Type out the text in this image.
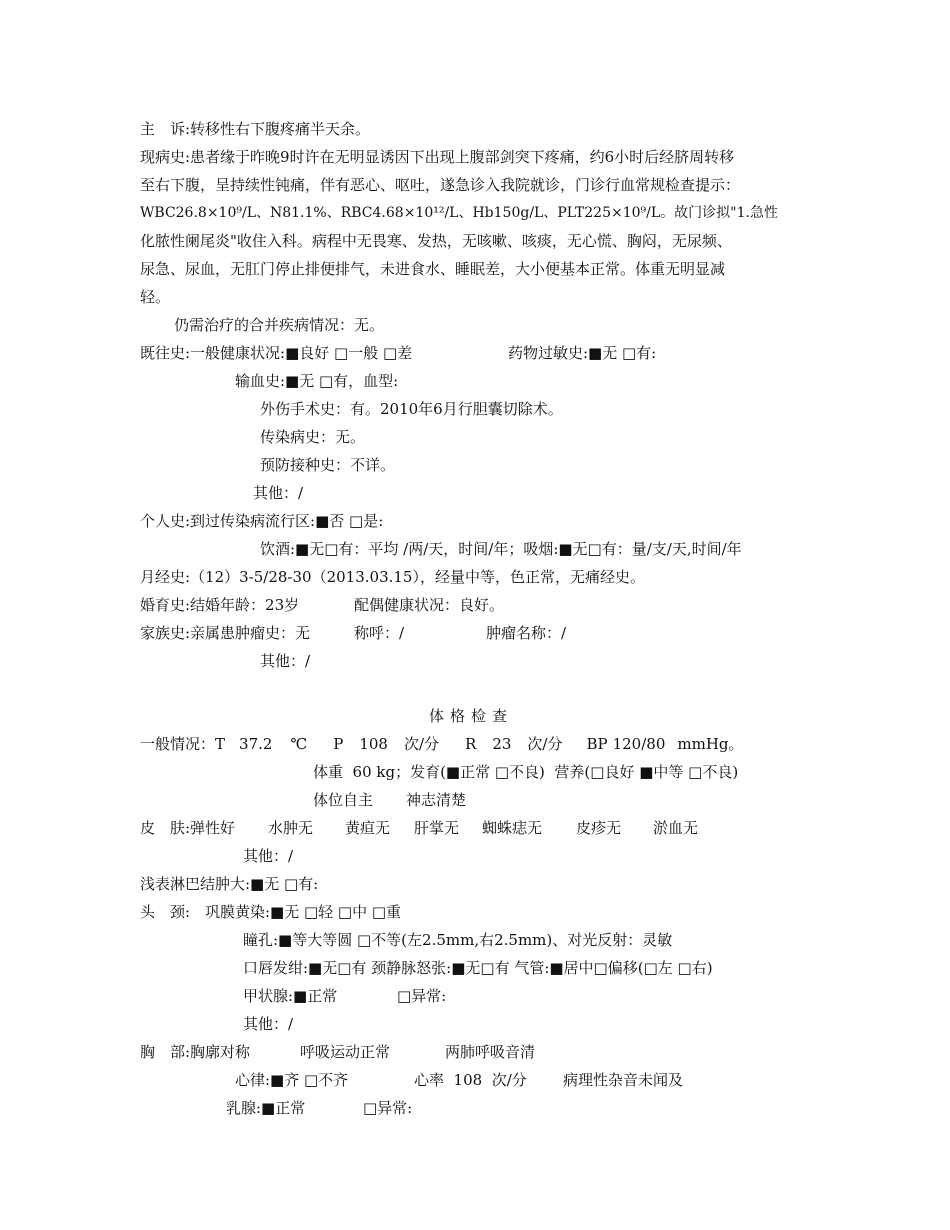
主　诉:转移性右下腹疼痛半天余。
现病史:患者缘于昨晚9时许在无明显诱因下出现上腹部剑突下疼痛，约6小时后经脐周转移
至右下腹，呈持续性钝痛，伴有恶心、呕吐，遂急诊入我院就诊，门诊行血常规检查提示：
WBC26.8×10⁹/L、N81.1%、RBC4.68×10¹²/L、Hb150g/L、PLT225×10⁹/L。故门诊拟"1.急性
化脓性阑尾炎"收住入科。病程中无畏寒、发热，无咳嗽、咳痰，无心慌、胸闷，无尿频、
尿急、尿血，无肛门停止排便排气，未进食水、睡眠差，大小便基本正常。体重无明显减
轻。
仍需治疗的合并疾病情况：无。
既往史:一般健康状况:■良好 □一般 □差	药物过敏史:■无 □有:
输血史:■无 □有，血型:
外伤手术史：有。2010年6月行胆囊切除术。
传染病史：无。
预防接种史：不详。
其他：/
个人史:到过传染病流行区:■否 □是:
饮酒:■无□有：平均 /两/天，时间/年；吸烟:■无□有：量/支/天,时间/年
月经史:（12）3-5/28-30（2013.03.15），经量中等，色正常，无痛经史。
婚育史:结婚年龄：23岁	配偶健康状况：良好。
家族史:亲属患肿瘤史：无	称呼：/	肿瘤名称：/
其他：/
体格检查
一般情况：T 37.2 ℃ P 108 次/分 R 23 次/分 BP 120/80 mmHg。
体重  60 kg；发育(■正常 □不良)  营养(□良好 ■中等 □不良)
体位自主 神志清楚
皮　肤:弹性好 水肿无 黄疸无 肝掌无 蜘蛛痣无 皮疹无 淤血无
其他：/
浅表淋巴结肿大:■无 □有:
头　颈: 巩膜黄染:■无 □轻 □中 □重
瞳孔:■等大等圆 □不等(左2.5mm,右2.5mm)、对光反射：灵敏
口唇发绀:■无□有 颈静脉怒张:■无□有 气管:■居中□偏移(□左 □右)
甲状腺:■正常	□异常:
其他：/
胸　部:胸廓对称	呼吸运动正常	两肺呼吸音清
心律:■齐 □不齐	心率  108  次/分 病理性杂音未闻及
乳腺:■正常	□异常:
